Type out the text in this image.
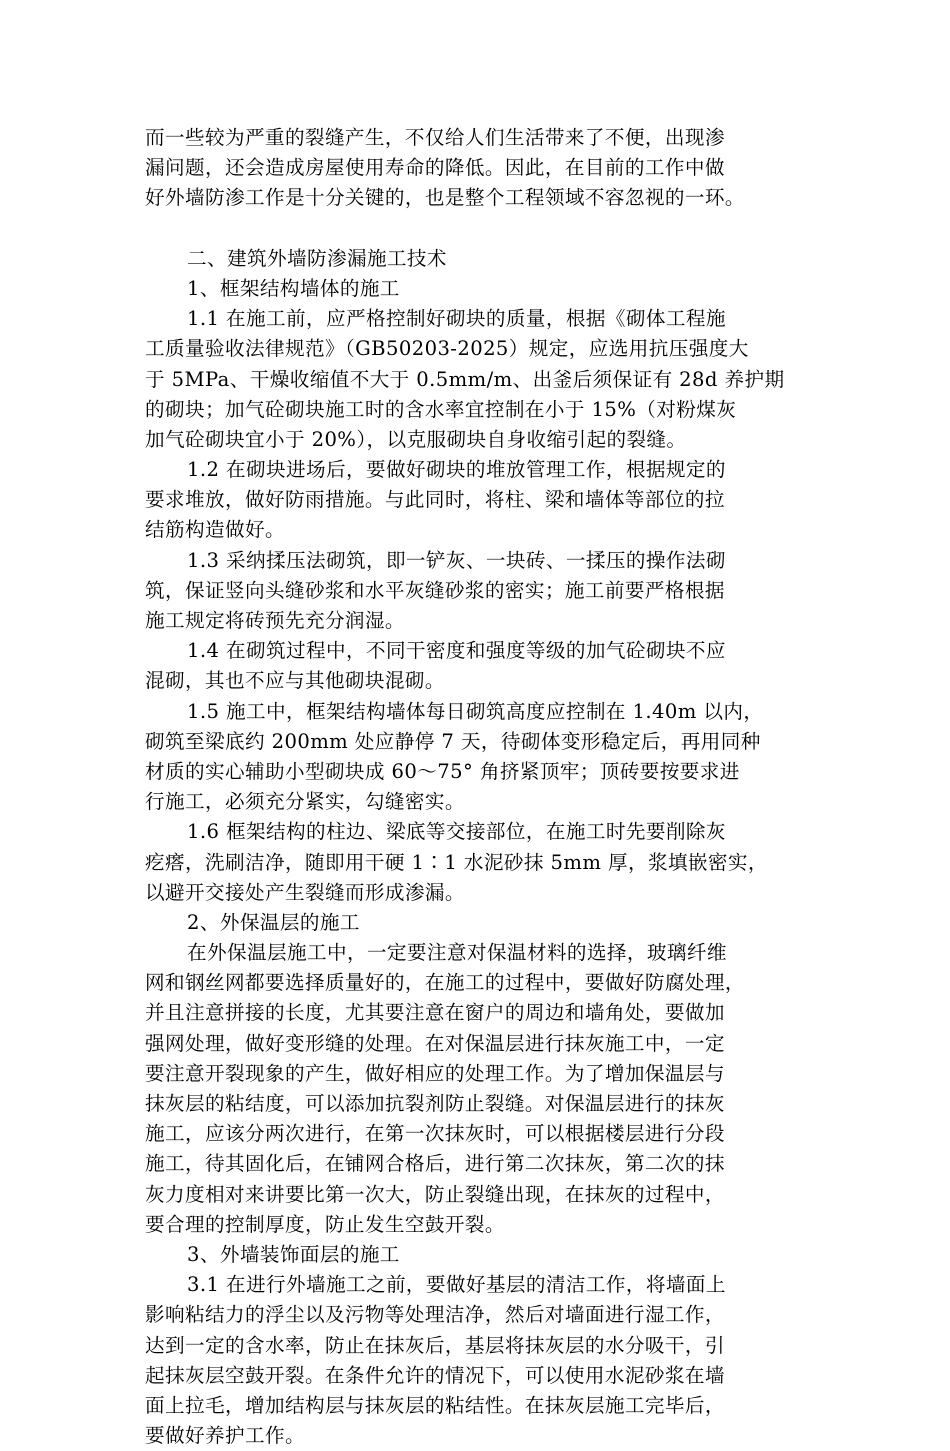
而一些较为严重的裂缝产生，不仅给人们生活带来了不便，出现渗
漏问题，还会造成房屋使用寿命的降低。因此，在目前的工作中做
好外墙防渗工作是十分关键的，也是整个工程领域不容忽视的一环。
二、建筑外墙防渗漏施工技术
1、框架结构墙体的施工
1.1 在施工前，应严格控制好砌块的质量，根据《砌体工程施
工质量验收法律规范》（GB50203-2025）规定，应选用抗压强度大
于 5MPa、干燥收缩值不大于 0.5mm/m、出釜后须保证有 28d 养护期
的砌块；加气砼砌块施工时的含水率宜控制在小于 15%（对粉煤灰
加气砼砌块宜小于 20%），以克服砌块自身收缩引起的裂缝。
1.2 在砌块进场后，要做好砌块的堆放管理工作，根据规定的
要求堆放，做好防雨措施。与此同时，将柱、梁和墙体等部位的拉
结筋构造做好。
1.3 采纳揉压法砌筑，即一铲灰、一块砖、一揉压的操作法砌
筑，保证竖向头缝砂浆和水平灰缝砂浆的密实；施工前要严格根据
施工规定将砖预先充分润湿。
1.4 在砌筑过程中，不同干密度和强度等级的加气砼砌块不应
混砌，其也不应与其他砌块混砌。
1.5 施工中，框架结构墙体每日砌筑高度应控制在 1.40m 以内，
砌筑至梁底约 200mm 处应静停 7 天，待砌体变形稳定后，再用同种
材质的实心辅助小型砌块成 60～75° 角挤紧顶牢；顶砖要按要求进
行施工，必须充分紧实，勾缝密实。
1.6 框架结构的柱边、梁底等交接部位，在施工时先要削除灰
疙瘩，洗刷洁净，随即用干硬 1∶1 水泥砂抹 5mm 厚，浆填嵌密实，
以避开交接处产生裂缝而形成渗漏。
2、外保温层的施工
在外保温层施工中，一定要注意对保温材料的选择，玻璃纤维
网和钢丝网都要选择质量好的，在施工的过程中，要做好防腐处理，
并且注意拼接的长度，尤其要注意在窗户的周边和墙角处，要做加
强网处理，做好变形缝的处理。在对保温层进行抹灰施工中，一定
要注意开裂现象的产生，做好相应的处理工作。为了增加保温层与
抹灰层的粘结度，可以添加抗裂剂防止裂缝。对保温层进行的抹灰
施工，应该分两次进行，在第一次抹灰时，可以根据楼层进行分段
施工，待其固化后，在铺网合格后，进行第二次抹灰，第二次的抹
灰力度相对来讲要比第一次大，防止裂缝出现，在抹灰的过程中，
要合理的控制厚度，防止发生空鼓开裂。
3、外墙装饰面层的施工
3.1 在进行外墙施工之前，要做好基层的清洁工作，将墙面上
影响粘结力的浮尘以及污物等处理洁净，然后对墙面进行湿工作，
达到一定的含水率，防止在抹灰后，基层将抹灰层的水分吸干，引
起抹灰层空鼓开裂。在条件允许的情况下，可以使用水泥砂浆在墙
面上拉毛，增加结构层与抹灰层的粘结性。在抹灰层施工完毕后，
要做好养护工作。
